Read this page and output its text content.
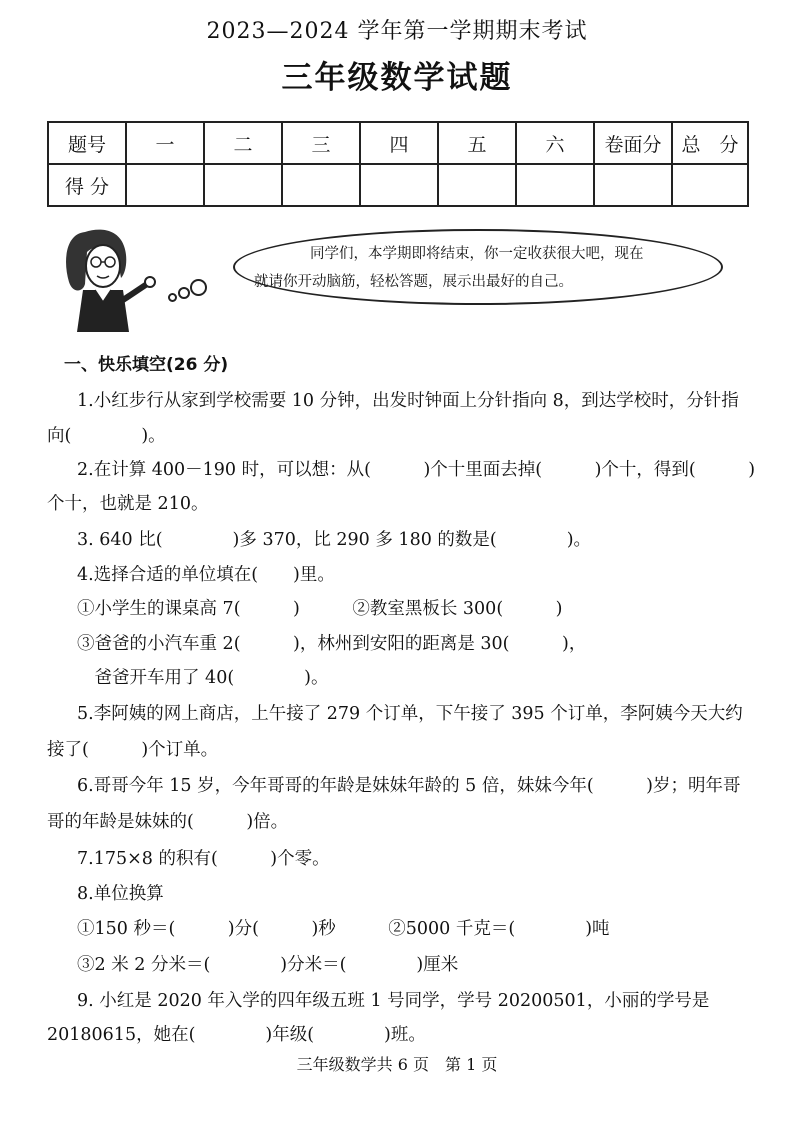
2023—2024 学年第一学期期末考试
三年级数学试题
题号	一	二	三	四	五	六	卷面分	总　分
得 分								
同学们，本学期即将结束，你一定收获很大吧，现在
就请你开动脑筋，轻松答题，展示出最好的自己。
一、快乐填空(26 分)
1.小红步行从家到学校需要 10 分钟，出发时钟面上分针指向 8，到达学校时，分针指
向(　　　　)。
2.在计算 400－190 时，可以想：从(　　　)个十里面去掉(　　　)个十，得到(　　　)
个十，也就是 210。
3. 640 比(　　　　)多 370，比 290 多 180 的数是(　　　　)。
4.选择合适的单位填在(　　)里。
①小学生的课桌高 7(　　　)　　　②教室黑板长 300(　　　)
③爸爸的小汽车重 2(　　　)，林州到安阳的距离是 30(　　　)，
　爸爸开车用了 40(　　　　)。
5.李阿姨的网上商店，上午接了 279 个订单，下午接了 395 个订单，李阿姨今天大约
接了(　　　)个订单。
6.哥哥今年 15 岁，今年哥哥的年龄是妹妹年龄的 5 倍，妹妹今年(　　　)岁；明年哥
哥的年龄是妹妹的(　　　)倍。
7.175×8 的积有(　　　)个零。
8.单位换算
①150 秒＝(　　　)分(　　　)秒　　　②5000 千克＝(　　　　)吨
③2 米 2 分米＝(　　　　)分米＝(　　　　)厘米
9. 小红是 2020 年入学的四年级五班 1 号同学，学号 20200501，小丽的学号是
20180615，她在(　　　　)年级(　　　　)班。
三年级数学共 6 页　第 1 页
